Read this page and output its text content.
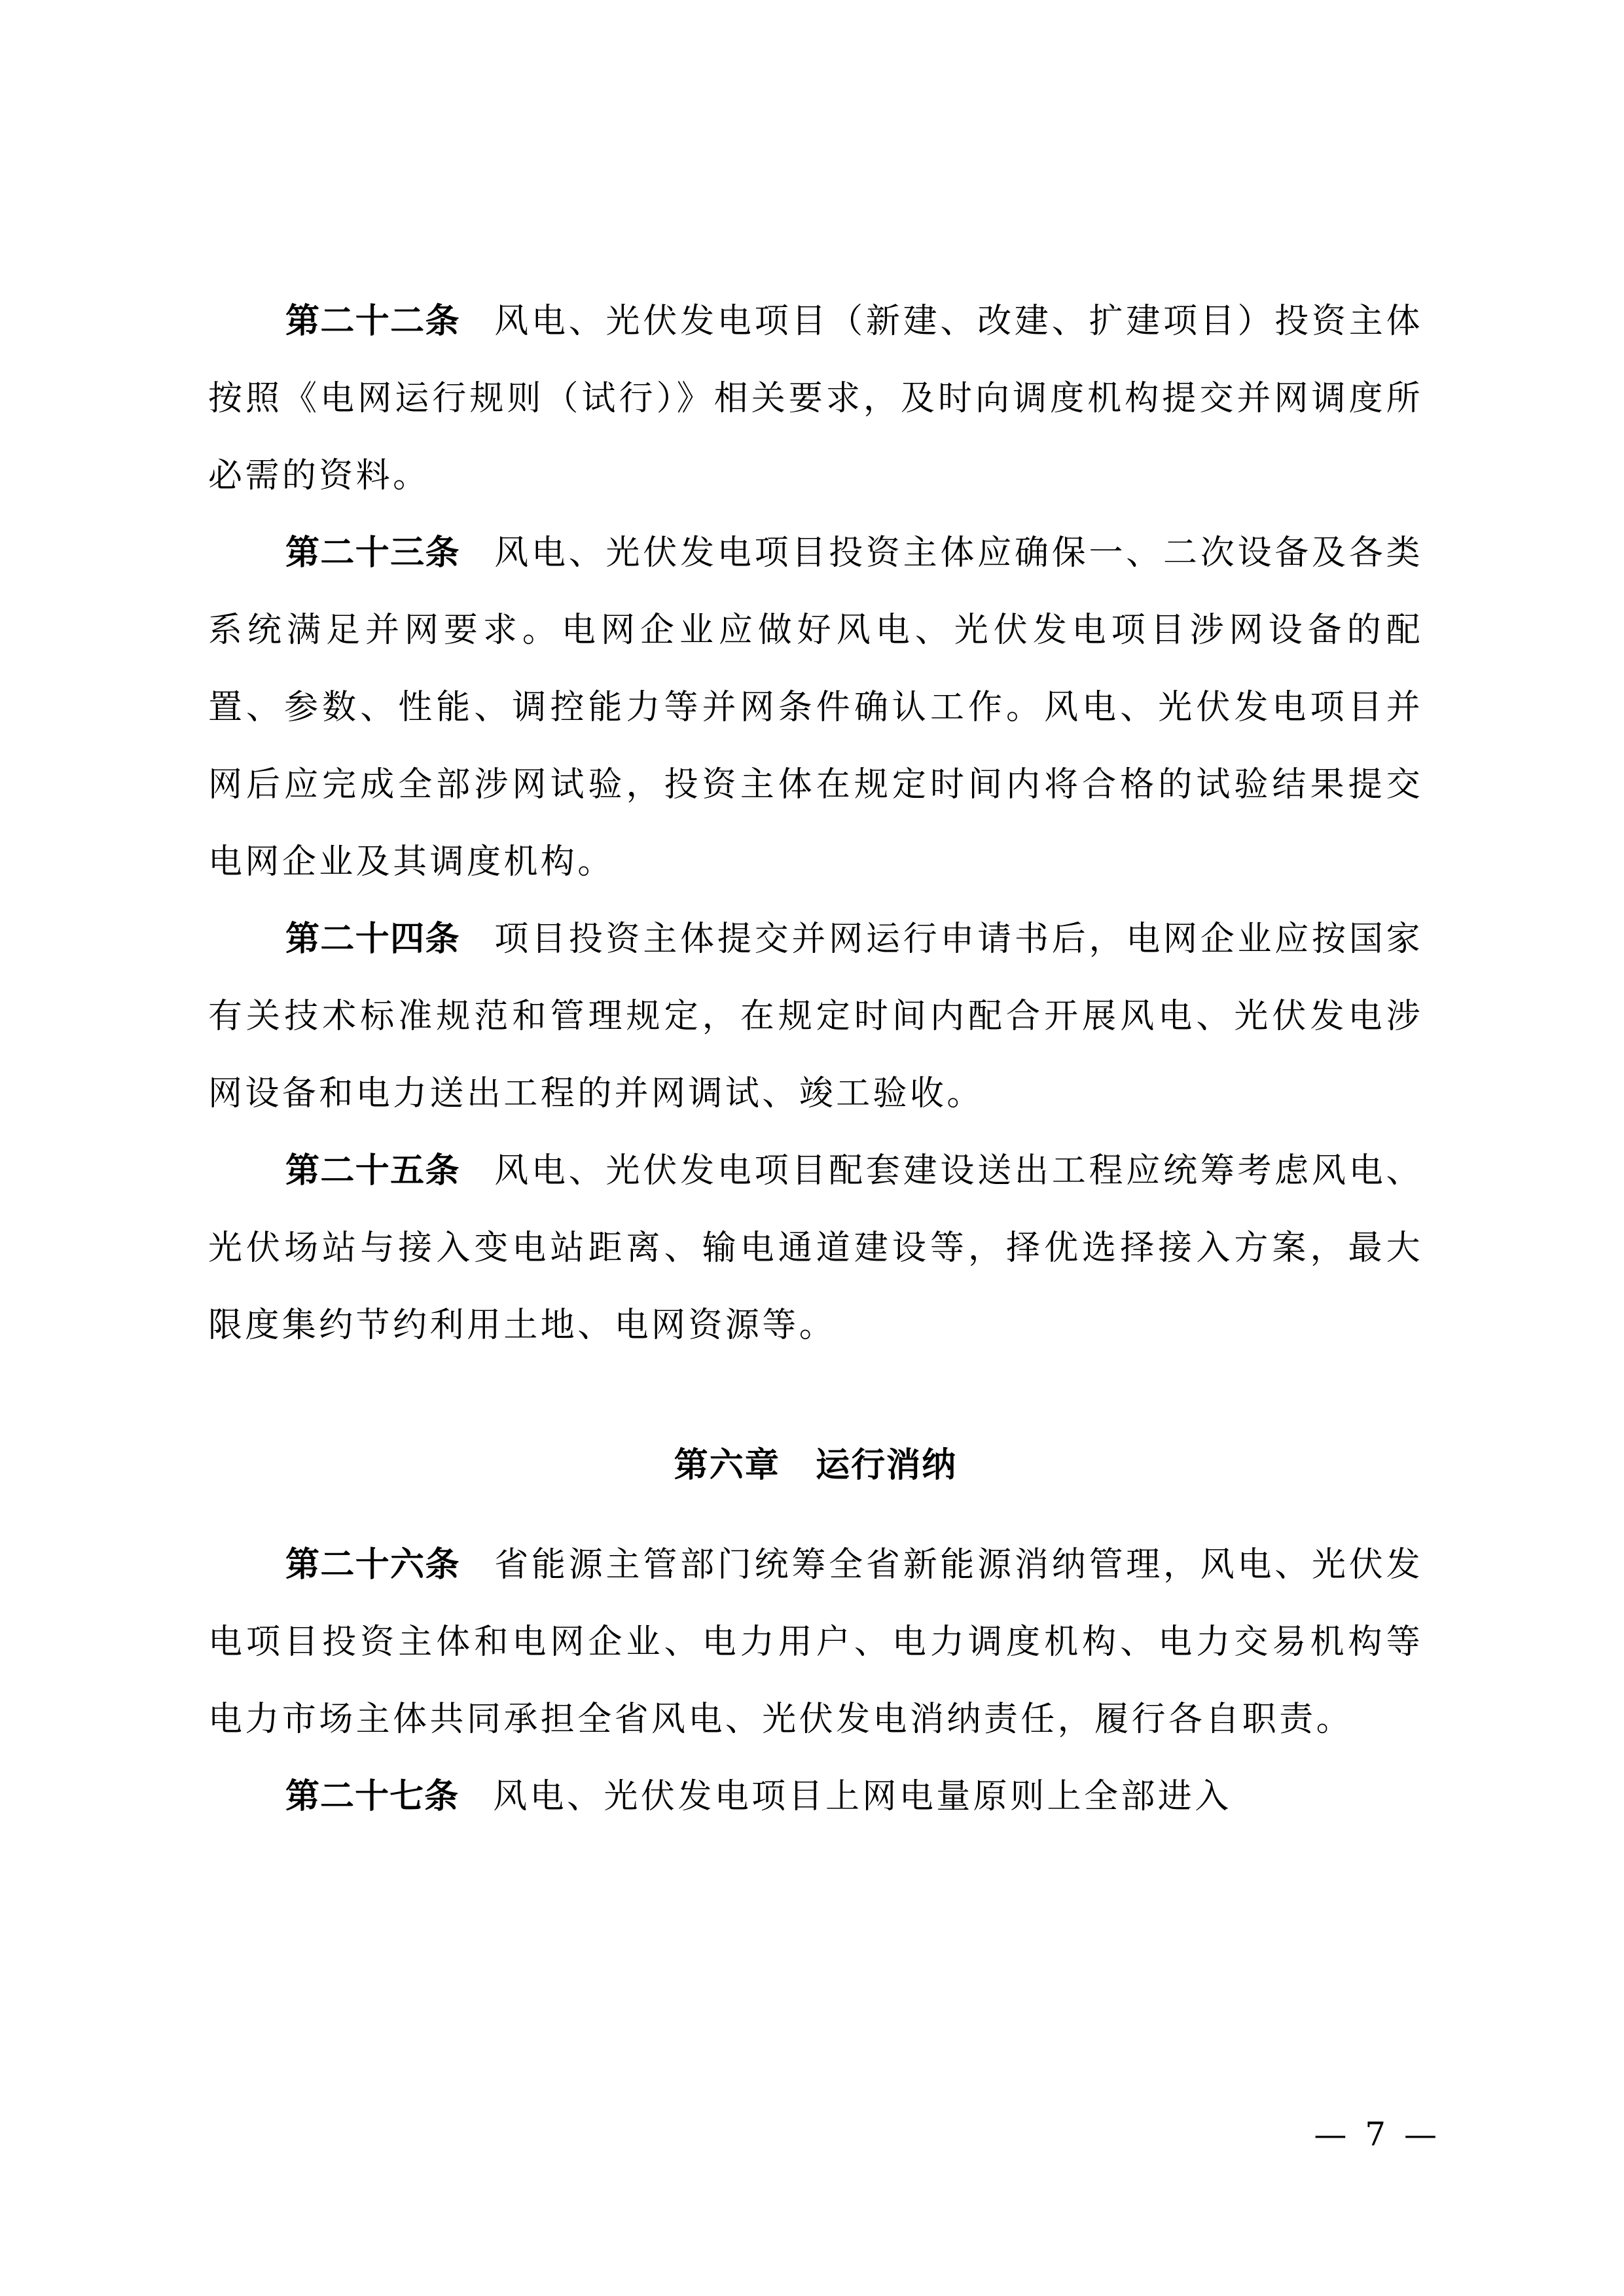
第二十二条　 风电、光伏发电项目（新建、改建、扩建项目）投资主体按照《电网运行规则（试行）》相关要求，及时向调度机构提交并网调度所必需的资料。

第二十三条　 风电、光伏发电项目投资主体应确保一、二次设备及各类系统满足并网要求。电网企业应做好风电、光伏发电项目涉网设备的配置、参数、性能、调控能力等并网条件确认工作。风电、光伏发电项目并网后应完成全部涉网试验，投资主体在规定时间内将合格的试验结果提交电网企业及其调度机构。

第二十四条　 项目投资主体提交并网运行申请书后，电网企业应按国家有关技术标准规范和管理规定，在规定时间内配合开展风电、光伏发电涉网设备和电力送出工程的并网调试、竣工验收。

第二十五条　 风电、光伏发电项目配套建设送出工程应统筹考虑风电、光伏场站与接入变电站距离、输电通道建设等，择优选择接入方案，最大限度集约节约利用土地、电网资源等。

第六章　运行消纳

第二十六条　 省能源主管部门统筹全省新能源消纳管理，风电、光伏发电项目投资主体和电网企业、电力用户、电力调度机构、电力交易机构等电力市场主体共同承担全省风电、光伏发电消纳责任，履行各自职责。

第二十七条　 风电、光伏发电项目上网电量原则上全部进入

— 7 —
